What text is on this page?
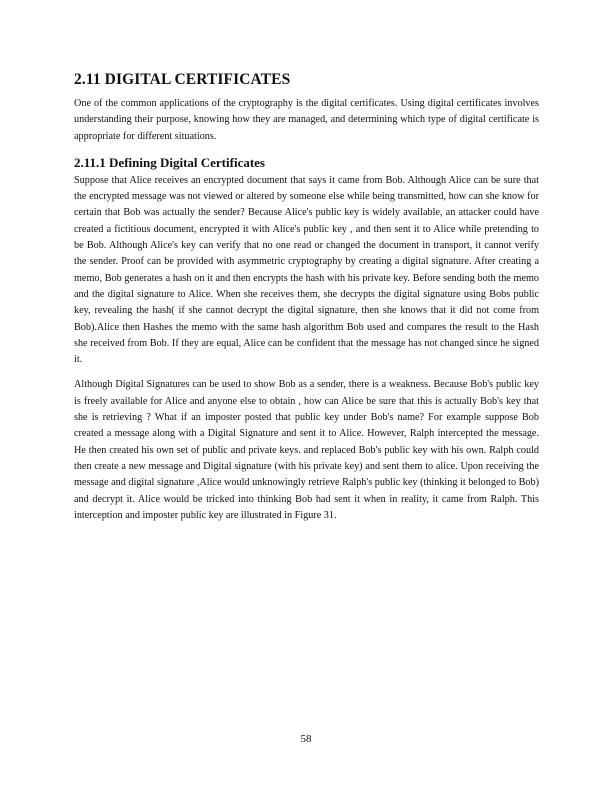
2.11 DIGITAL CERTIFICATES

One of the common applications of the cryptography is the digital certificates. Using digital certificates involves understanding their purpose, knowing how they are managed, and determining which type of digital certificate is appropriate for different situations.

2.11.1 Defining Digital Certificates

Suppose that Alice receives an encrypted document that says it came from Bob. Although Alice can be sure that the encrypted message was not viewed or altered by someone else while being transmitted, how can she know for certain that Bob was actually the sender? Because Alice's public key is widely available, an attacker could have created a fictitious document, encrypted it with Alice's public key , and then sent it to Alice while pretending to be Bob. Although Alice's key can verify that no one read or changed the document in transport, it cannot verify the sender. Proof can be provided with asymmetric cryptography by creating a digital signature. After creating a memo, Bob generates a hash on it and then encrypts the hash with his private key. Before sending both the memo and the digital signature to Alice. When she receives them, she decrypts the digital signature using Bobs public key, revealing the hash( if she cannot decrypt the digital signature, then she knows that it did not come from Bob).Alice then Hashes the memo with the same hash algorithm Bob used and compares the result to the Hash she received from Bob. If they are equal, Alice can be confident that the message has not changed since he signed it.

Although Digital Signatures can be used to show Bob as a sender, there is a weakness. Because Bob's public key is freely available for Alice and anyone else to obtain , how can Alice be sure that this is actually Bob's key that she is retrieving ? What if an imposter posted that public key under Bob's name? For example suppose Bob created a message along with a Digital Signature and sent it to Alice. However, Ralph intercepted the message. He then created his own set of public and private keys. and replaced Bob's public key with his own. Ralph could then create a new message and Digital signature (with his private key) and sent them to alice. Upon receiving the message and digital signature ,Alice would unknowingly retrieve Ralph's public key (thinking it belonged to Bob) and decrypt it. Alice would be tricked into thinking Bob had sent it when in reality, it came from Ralph. This interception and imposter public key are illustrated in Figure 31.

58
